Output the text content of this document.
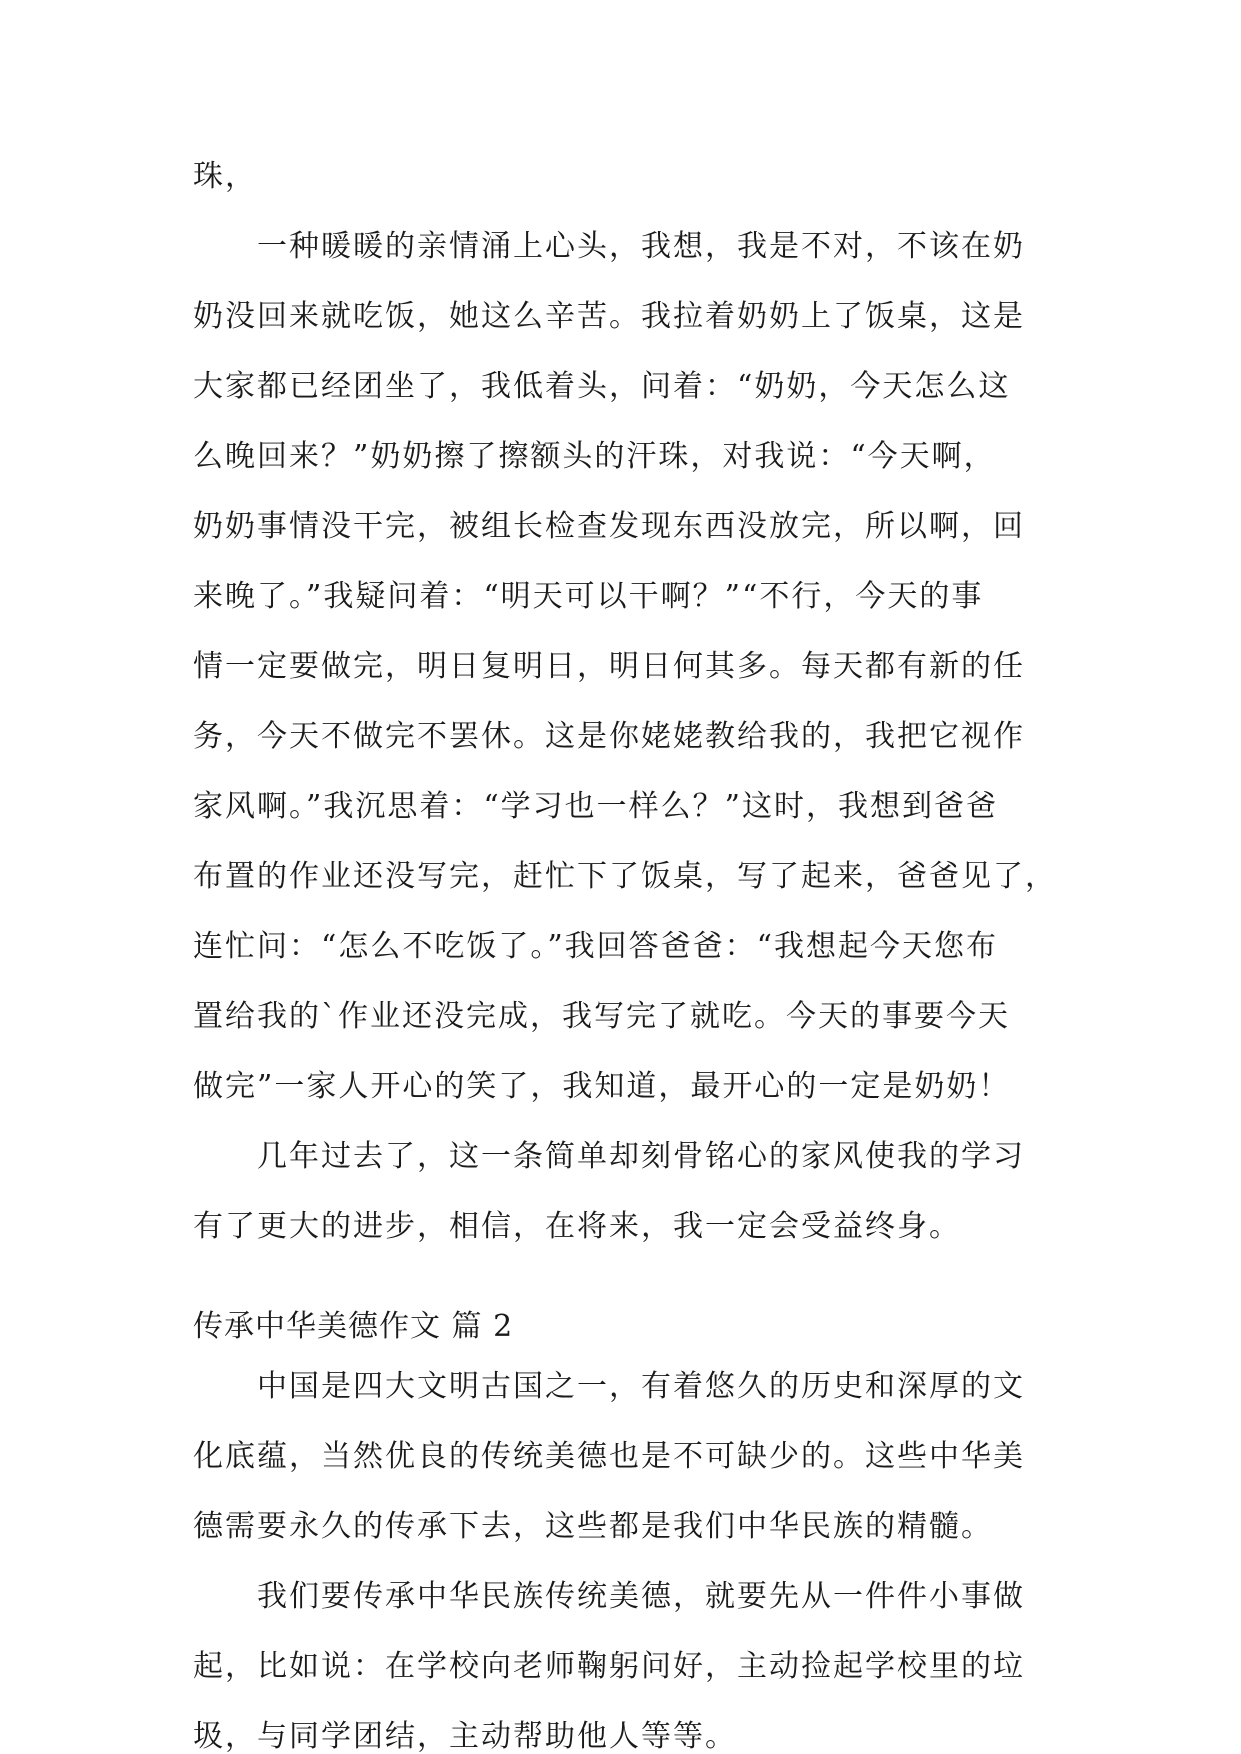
珠，
　　一种暖暖的亲情涌上心头，我想，我是不对，不该在奶
奶没回来就吃饭，她这么辛苦。我拉着奶奶上了饭桌，这是
大家都已经团坐了，我低着头，问着：“奶奶，今天怎么这
么晚回来？”奶奶擦了擦额头的汗珠，对我说：“今天啊，
奶奶事情没干完，被组长检查发现东西没放完，所以啊，回
来晚了。”我疑问着：“明天可以干啊？”“不行，今天的事
情一定要做完，明日复明日，明日何其多。每天都有新的任
务，今天不做完不罢休。这是你姥姥教给我的，我把它视作
家风啊。”我沉思着：“学习也一样么？”这时，我想到爸爸
布置的作业还没写完，赶忙下了饭桌，写了起来，爸爸见了，
连忙问：“怎么不吃饭了。”我回答爸爸：“我想起今天您布
置给我的`作业还没完成，我写完了就吃。今天的事要今天
做完”一家人开心的笑了，我知道，最开心的一定是奶奶！
　　几年过去了，这一条简单却刻骨铭心的家风使我的学习
有了更大的进步，相信，在将来，我一定会受益终身。
传承中华美德作文 篇 2
　　中国是四大文明古国之一，有着悠久的历史和深厚的文
化底蕴，当然优良的传统美德也是不可缺少的。这些中华美
德需要永久的传承下去，这些都是我们中华民族的精髓。
　　我们要传承中华民族传统美德，就要先从一件件小事做
起，比如说：在学校向老师鞠躬问好，主动捡起学校里的垃
圾，与同学团结，主动帮助他人等等。
